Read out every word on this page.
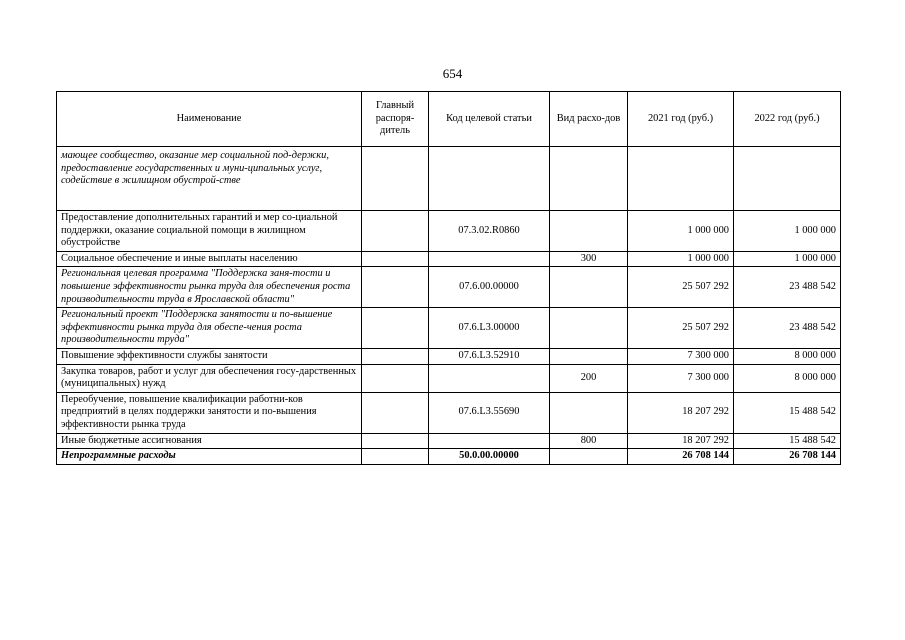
654
Наименование	Главный распоря-дитель	Код целевой статьи	Вид расхо-дов	2021 год (руб.)	2022 год (руб.)
мающее сообщество, оказание мер социальной под-держки, предоставление государственных и муни-ципальных услуг, содействие в жилищном обустрой-стве					
Предоставление дополнительных гарантий и мер со-циальной поддержки, оказание социальной помощи в жилищном обустройстве		07.3.02.R0860		1 000 000	1 000 000
Социальное обеспечение и иные выплаты населению			300	1 000 000	1 000 000
Региональная целевая программа "Поддержка заня-тости и повышение эффективности рынка труда для обеспечения роста производительности труда в Ярославской области"		07.6.00.00000		25 507 292	23 488 542
Региональный проект "Поддержка занятости и по-вышение эффективности рынка труда для обеспе-чения роста производительности труда"		07.6.L3.00000		25 507 292	23 488 542
Повышение эффективности службы занятости		07.6.L3.52910		7 300 000	8 000 000
Закупка товаров, работ и услуг для обеспечения госу-дарственных (муниципальных) нужд			200	7 300 000	8 000 000
Переобучение, повышение квалификации работни-ков предприятий в целях поддержки занятости и по-вышения эффективности рынка труда		07.6.L3.55690		18 207 292	15 488 542
Иные бюджетные ассигнования			800	18 207 292	15 488 542
Непрограммные расходы		50.0.00.00000		26 708 144	26 708 144
